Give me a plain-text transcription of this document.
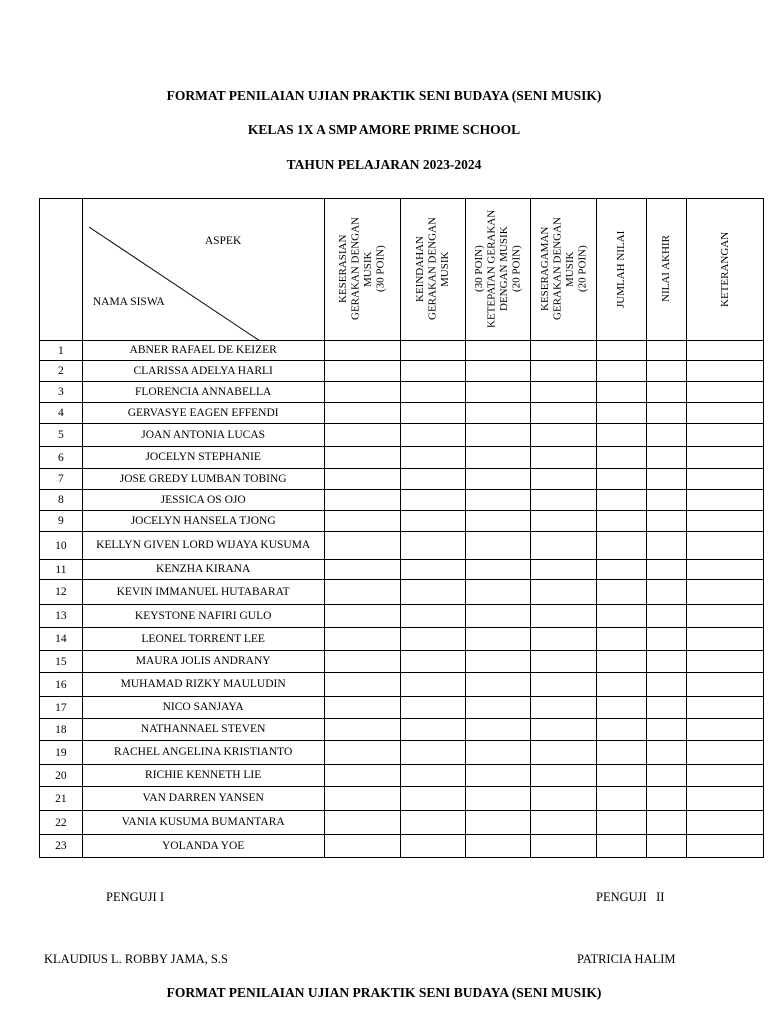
FORMAT PENILAIAN UJIAN PRAKTIK SENI BUDAYA (SENI MUSIK)
KELAS 1X A SMP AMORE PRIME SCHOOL
TAHUN PELAJARAN 2023-2024

	ASPEK
NAMA SISWA	KESERASIAN
GERAKAN DENGAN
MUSIK
(30 POIN)	KEINDAHAN
GERAKAN DENGAN
MUSIK	(30 POIN)
KETEPATAN GERAKAN
DENGAN MUSIK
(20 POIN)	KESERAGAMAN
GERAKAN DENGAN
MUSIK
(20 POIN)	JUMLAH NILAI	NILAI AKHIR	KETERANGAN

1	ABNER RAFAEL DE KEIZER							
2	CLARISSA ADELYA HARLI							
3	FLORENCIA ANNABELLA							
4	GERVASYE EAGEN EFFENDI							
5	JOAN ANTONIA LUCAS							
6	JOCELYN STEPHANIE							
7	JOSE GREDY LUMBAN TOBING							
8	JESSICA OS OJO							
9	JOCELYN HANSELA TJONG							
10	KELLYN GIVEN LORD WIJAYA KUSUMA							
11	KENZHA KIRANA							
12	KEVIN IMMANUEL HUTABARAT							
13	KEYSTONE NAFIRI GULO							
14	LEONEL TORRENT LEE							
15	MAURA JOLIS ANDRANY							
16	MUHAMAD RIZKY MAULUDIN							
17	NICO SANJAYA							
18	NATHANNAEL STEVEN							
19	RACHEL ANGELINA KRISTIANTO							
20	RICHIE KENNETH LIE							
21	VAN DARREN YANSEN							
22	VANIA KUSUMA BUMANTARA							
23	YOLANDA YOE							
PENGUJI I	PENGUJI   II
KLAUDIUS L. ROBBY JAMA, S.S	PATRICIA HALIM
FORMAT PENILAIAN UJIAN PRAKTIK SENI BUDAYA (SENI MUSIK)
